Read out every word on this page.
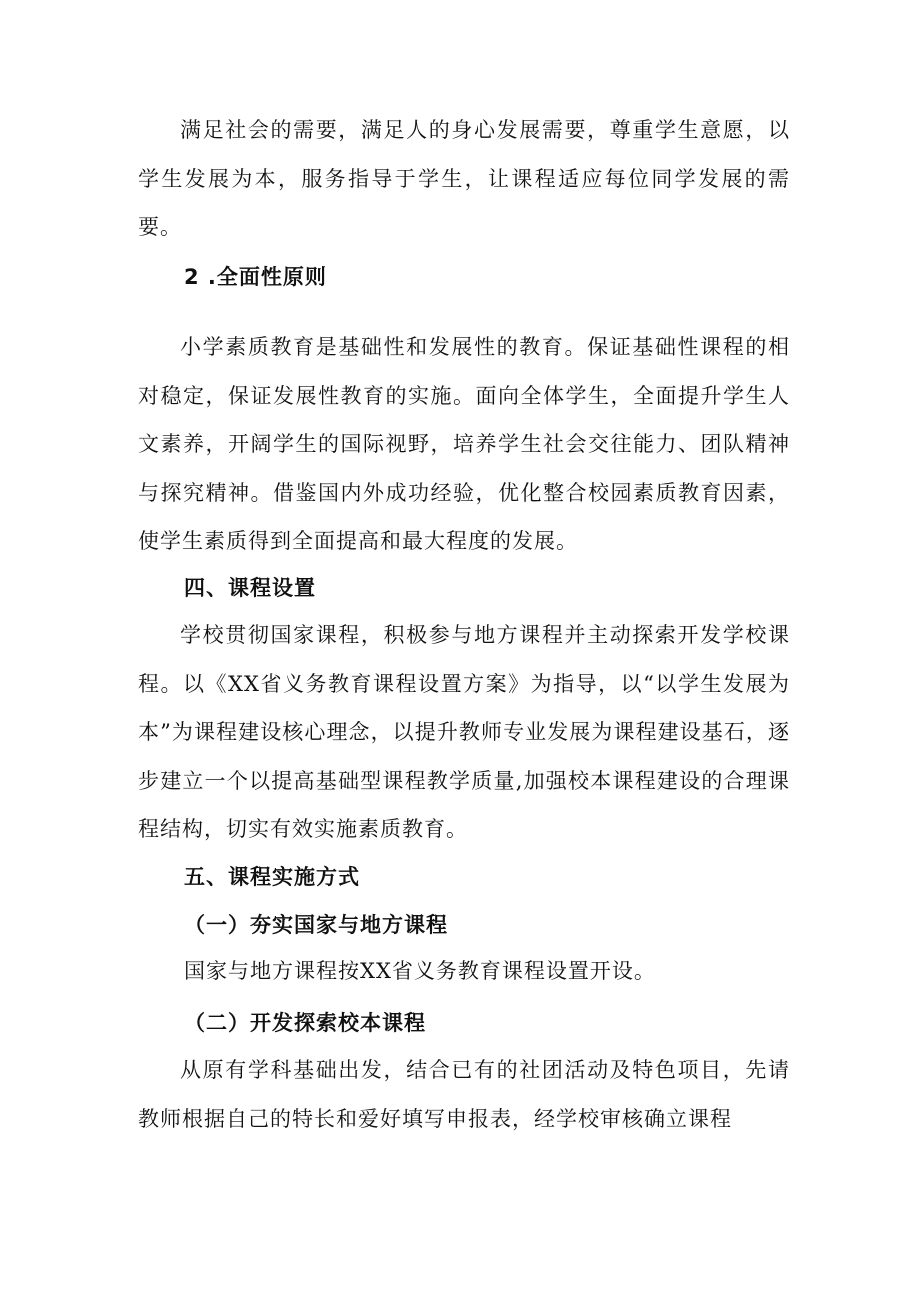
满足社会的需要，满足人的身心发展需要，尊重学生意愿，以学生发展为本，服务指导于学生，让课程适应每位同学发展的需要。

2 .全面性原则

小学素质教育是基础性和发展性的教育。保证基础性课程的相对稳定，保证发展性教育的实施。面向全体学生，全面提升学生人文素养，开阔学生的国际视野，培养学生社会交往能力、团队精神与探究精神。借鉴国内外成功经验，优化整合校园素质教育因素，使学生素质得到全面提高和最大程度的发展。

四、课程设置

学校贯彻国家课程，积极参与地方课程并主动探索开发学校课程。以《XX省义务教育课程设置方案》为指导，以“以学生发展为本”为课程建设核心理念，以提升教师专业发展为课程建设基石，逐步建立一个以提高基础型课程教学质量,加强校本课程建设的合理课程结构，切实有效实施素质教育。

五、课程实施方式

（一）夯实国家与地方课程

国家与地方课程按XX省义务教育课程设置开设。

（二）开发探索校本课程

从原有学科基础出发，结合已有的社团活动及特色项目，先请教师根据自己的特长和爱好填写申报表，经学校审核确立课程
